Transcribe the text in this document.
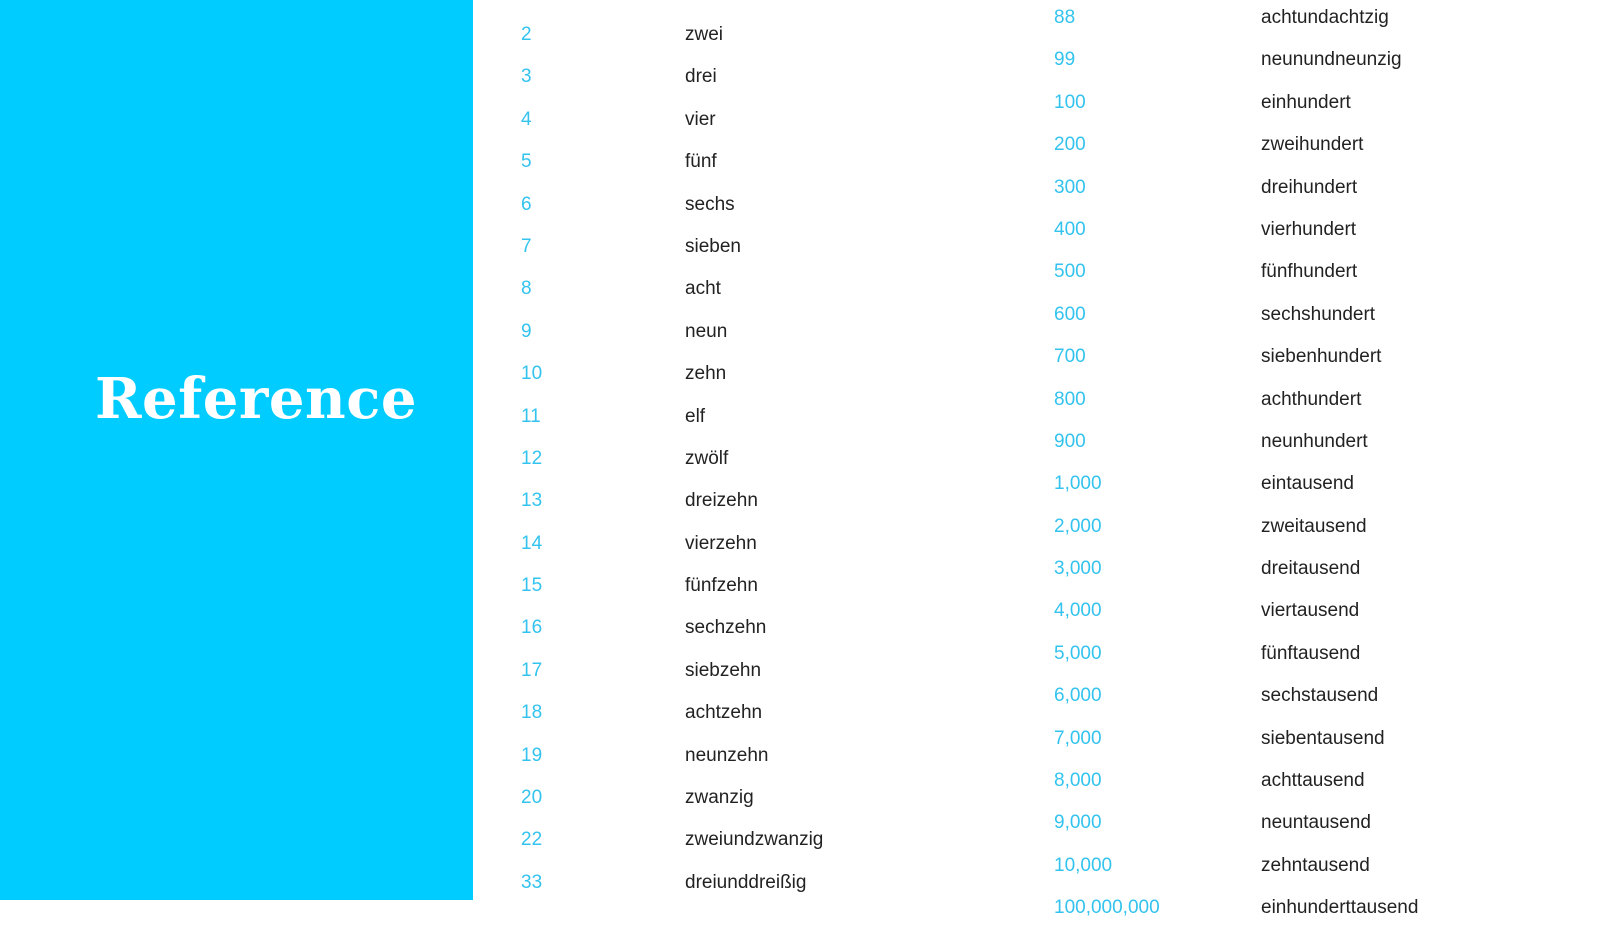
Reference
2	zwei
3	drei
4	vier
5	fünf
6	sechs
7	sieben
8	acht
9	neun
10	zehn
11	elf
12	zwölf
13	dreizehn
14	vierzehn
15	fünfzehn
16	sechzehn
17	siebzehn
18	achtzehn
19	neunzehn
20	zwanzig
22	zweiundzwanzig
33	dreiunddreißig
88	achtundachtzig
99	neunundneunzig
100	einhundert
200	zweihundert
300	dreihundert
400	vierhundert
500	fünfhundert
600	sechshundert
700	siebenhundert
800	achthundert
900	neunhundert
1,000	eintausend
2,000	zweitausend
3,000	dreitausend
4,000	viertausend
5,000	fünftausend
6,000	sechstausend
7,000	siebentausend
8,000	achttausend
9,000	neuntausend
10,000	zehntausend
100,000,000	einhunderttausend
